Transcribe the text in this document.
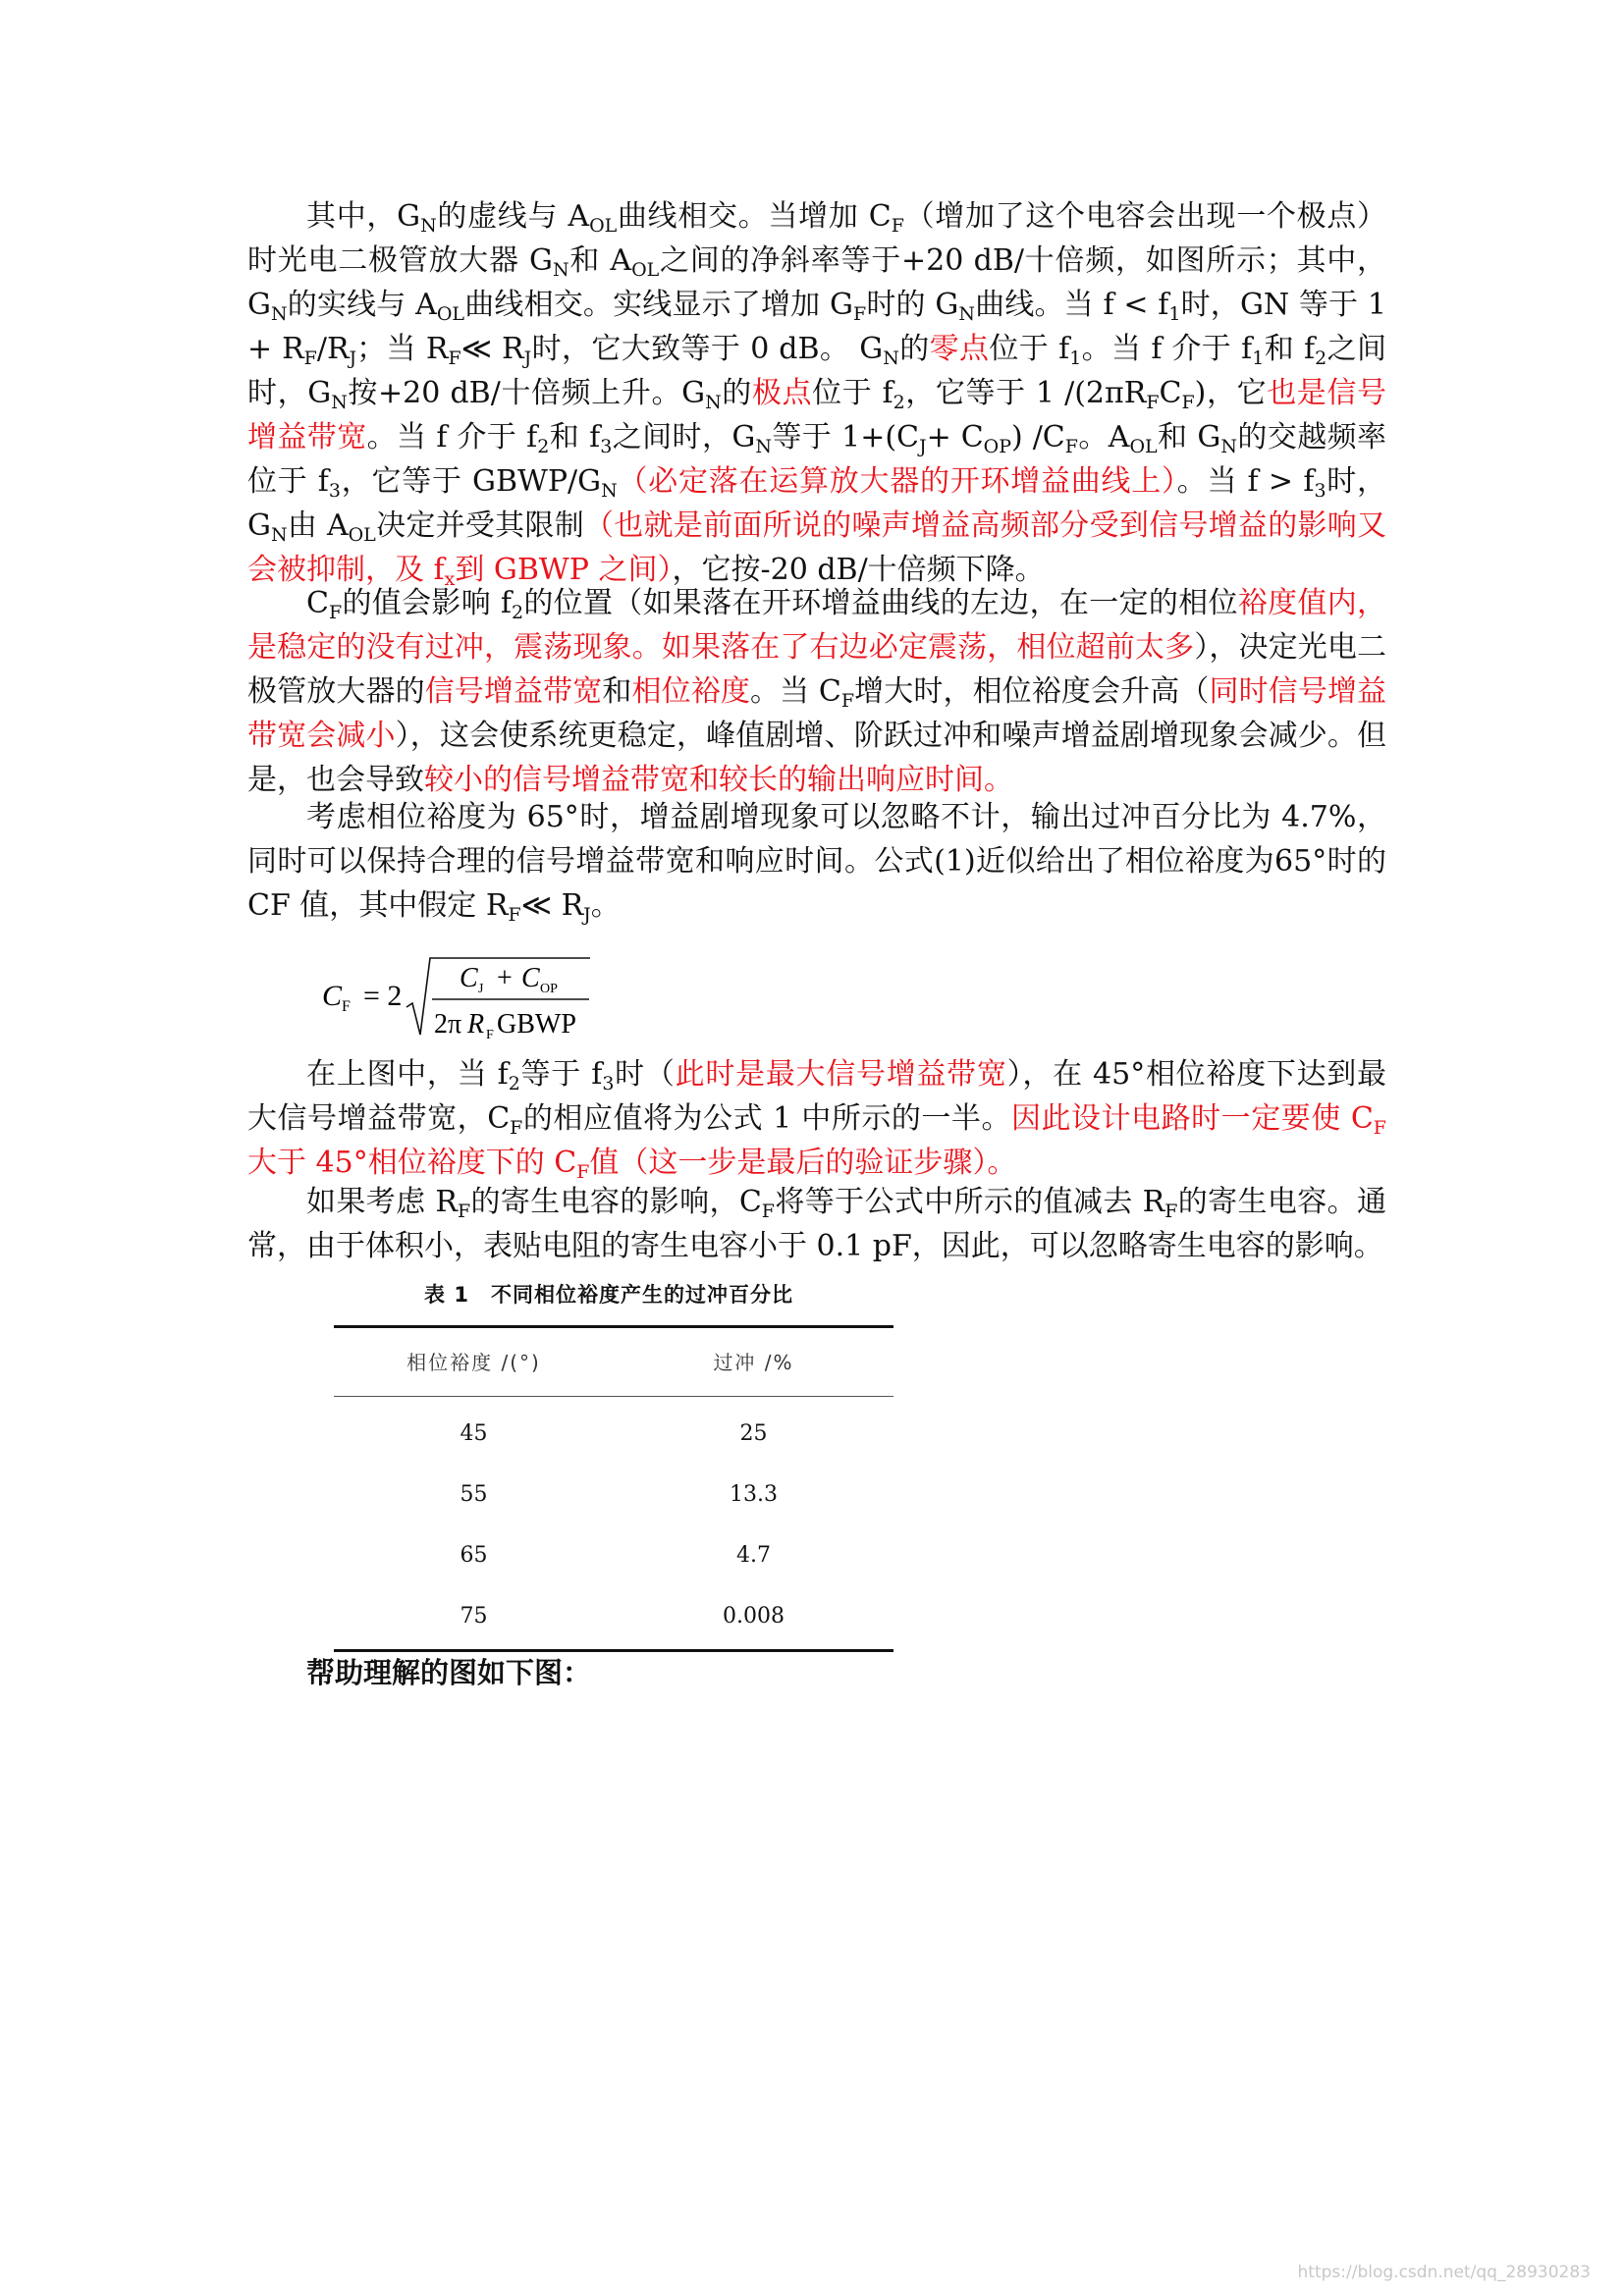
其中，$G_N$的虚线与 $A_{OL}$曲线相交。当增加 $C_F$（增加了这个电容会出现一个极点）时光电二极管放大器 $G_N$和 $A_{OL}$之间的净斜率等于+20 dB/十倍频，如图所示；其中，$G_N$的实线与 $A_{OL}$曲线相交。实线显示了增加 $G_F$时的 $G_N$曲线。当 $f < f_1$时，GN 等于 $1 + R_F/R_J$；当 $R_F≪$ $R_J$时，它大致等于 0 dB。 $G_N$的零点位于 $f_1$。当 f 介于 $f_1$和 $f_2$之间时，$G_N$按+20 dB/十倍频上升。$G_N$的极点位于 $f_2$，它等于 1 $/(2\pi R_FC_F)$，它也是信号增益带宽。当 f 介于 $f_2$和 $f_3$之间时，$G_N$等于 $1+(C_J+ C_{OP})$ $/C_F$。$A_{OL}$和 $G_N$的交越频率位于 $f_3$，它等于 GBWP/$G_N$（必定落在运算放大器的开环增益曲线上）。当 $f > f_3$时，$G_N$由 $A_{OL}$决定并受其限制（也就是前面所说的噪声增益高频部分受到信号增益的影响又会被抑制，及 $f_x$到 GBWP 之间），它按-20 dB/十倍频下降。

$C_F$的值会影响 $f_2$的位置（如果落在开环增益曲线的左边，在一定的相位裕度值内，是稳定的没有过冲，震荡现象。如果落在了右边必定震荡，相位超前太多），决定光电二极管放大器的信号增益带宽和相位裕度。当 $C_F$增大时，相位裕度会升高（同时信号增益带宽会减小），这会使系统更稳定，峰值剧增、阶跃过冲和噪声增益剧增现象会减少。但是，也会导致较小的信号增益带宽和较长的输出响应时间。

考虑相位裕度为 65°时，增益剧增现象可以忽略不计，输出过冲百分比为 4.7%，同时可以保持合理的信号增益带宽和响应时间。公式(1)近似给出了相位裕度为65°时的 CF 值，其中假定 $R_F≪$ $R_J$。

C F = 2
C J + C OP
2π R F GBWP

在上图中，当 $f_2$等于 $f_3$时（此时是最大信号增益带宽），在 45°相位裕度下达到最大信号增益带宽，$C_F$的相应值将为公式 1 中所示的一半。因此设计电路时一定要使 $C_F$大于 45°相位裕度下的 $C_F$值（这一步是最后的验证步骤）。

如果考虑 $R_F$的寄生电容的影响，$C_F$将等于公式中所示的值减去 $R_F$的寄生电容。通常，由于体积小，表贴电阻的寄生电容小于 0.1 pF，因此，可以忽略寄生电容的影响。

表 1　不同相位裕度产生的过冲百分比
相位裕度 /(°)	过冲 /%
45	25
55	13.3
65	4.7
75	0.008

帮助理解的图如下图：

https://blog.csdn.net/qq_28930283
